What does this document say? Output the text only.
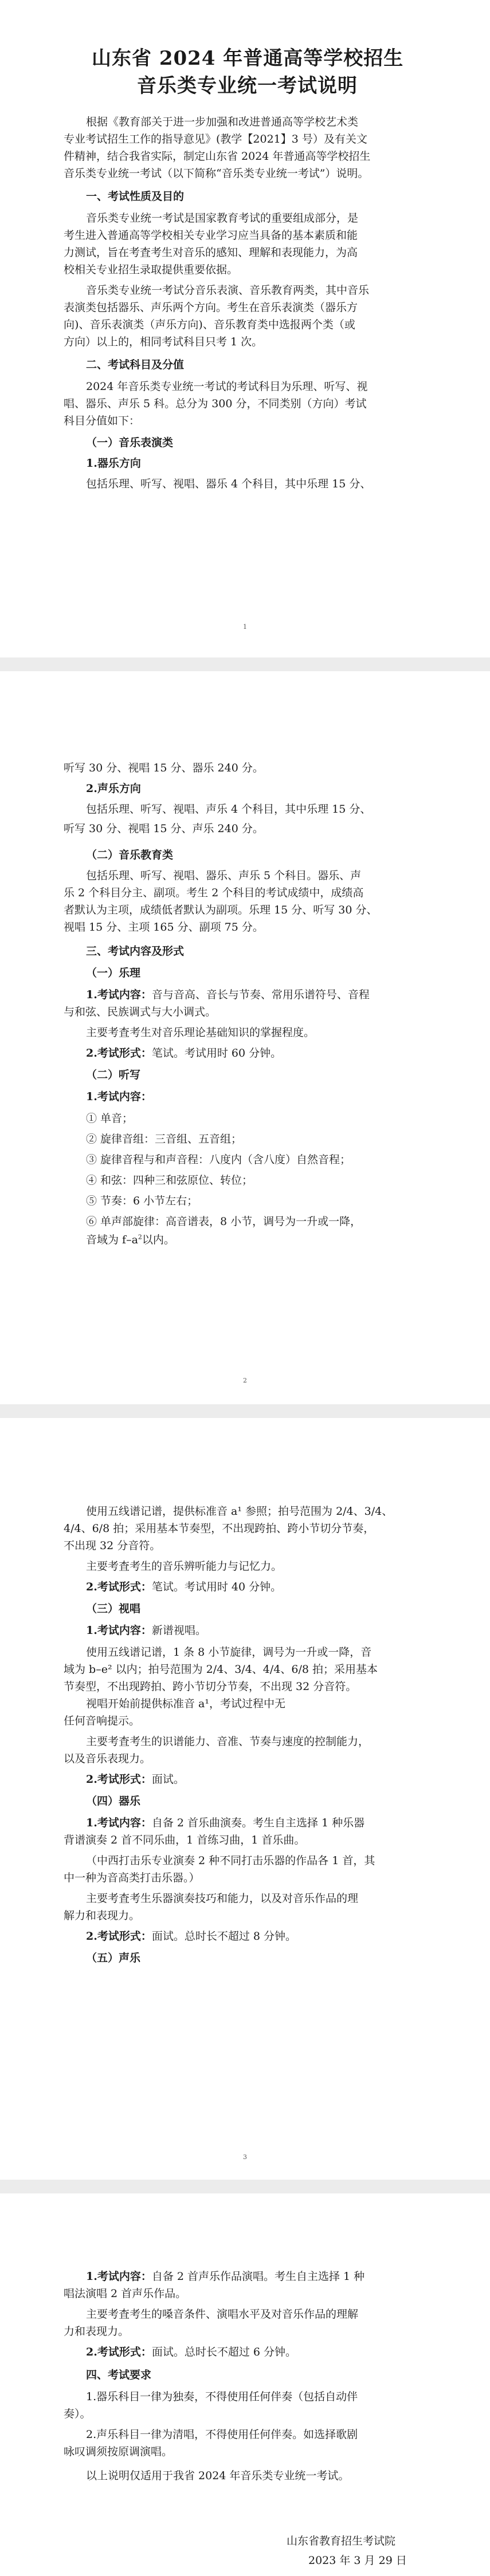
山东省 2024 年普通高等学校招生
音乐类专业统一考试说明
根据《教育部关于进一步加强和改进普通高等学校艺术类
专业考试招生工作的指导意见》(教学【2021】3 号）及有关文
件精神，结合我省实际，制定山东省 2024 年普通高等学校招生
音乐类专业统一考试（以下简称“音乐类专业统一考试”）说明。
一、考试性质及目的
音乐类专业统一考试是国家教育考试的重要组成部分，是
考生进入普通高等学校相关专业学习应当具备的基本素质和能
力测试，旨在考査考生对音乐的感知、理解和表现能力，为高
校相关专业招生录取提供重要依据。
音乐类专业统一考试分音乐表演、音乐教育两类，其中音乐
表演类包括器乐、声乐两个方向。考生在音乐表演类（器乐方
向)、音乐表演类（声乐方向)、音乐教育类中选报两个类（或
方向）以上的，相同考试科目只考 1 次。
二、考试科目及分值
2024 年音乐类专业统一考试的考试科目为乐理、听写、视
唱、器乐、声乐 5 科。总分为 300 分，不同类别（方向）考试
科目分值如下：
（一）音乐表演类
1.器乐方向
包括乐理、听写、视唱、器乐 4 个科目，其中乐理 15 分、
1
听写 30 分、视唱 15 分、器乐 240 分。
2.声乐方向
包括乐理、听写、视唱、声乐 4 个科目，其中乐理 15 分、
听写 30 分、视唱 15 分、声乐 240 分。
（二）音乐教育类
包括乐理、听写、视唱、器乐、声乐 5 个科目。器乐、声
乐 2 个科目分主、副项。考生 2 个科目的考试成绩中，成绩高
者默认为主项，成绩低者默认为副项。乐理 15 分、听写 30 分、
视唱 15 分、主项 165 分、副项 75 分。
三、考试内容及形式
（一）乐理
1.考试内容：音与音高、音长与节奏、常用乐谱符号、音程
与和弦、民族调式与大小调式。
主要考査考生对音乐理论基础知识的掌握程度。
2.考试形式：笔试。考试用时 60 分钟。
（二）听写
1.考试内容：
① 单音；
② 旋律音组：三音组、五音组；
③ 旋律音程与和声音程：八度内（含八度）自然音程；
④ 和弦：四种三和弦原位、转位；
⑤ 节奏：6 小节左右；
⑥ 单声部旋律：高音谱表，8 小节，调号为一升或一降，
音域为 $f-a^2$以内。
2
使用五线谱记谱，提供标准音 a¹ 参照；拍号范围为 2/4、3/4、
4/4、6/8 拍；采用基本节奏型，不出现跨拍、跨小节切分节奏，
不出现 32 分音符。
主要考査考生的音乐辨听能力与记忆力。
2.考试形式：笔试。考试用时 40 分钟。
（三）视唱
1.考试内容：新谱视唱。
使用五线谱记谱，1 条 8 小节旋律，调号为一升或一降，音
域为 b–e² 以内；拍号范围为 2/4、3/4、4/4、6/8 拍；采用基本
节奏型，不出现跨拍、跨小节切分节奏，不出现 32 分音符。
视唱开始前提供标准音 a¹，考试过程中无
任何音响提示。
主要考査考生的识谱能力、音准、节奏与速度的控制能力，
以及音乐表现力。
2.考试形式：面试。
（四）器乐
1.考试内容：自备 2 首乐曲演奏。考生自主选择 1 种乐器
背谱演奏 2 首不同乐曲，1 首练习曲，1 首乐曲。
（中西打击乐专业演奏 2 种不同打击乐器的作品各 1 首，其
中一种为音高类打击乐器。）
主要考査考生乐器演奏技巧和能力，以及对音乐作品的理
解力和表现力。
2.考试形式：面试。总时长不超过 8 分钟。
（五）声乐
3
1.考试内容：自备 2 首声乐作品演唱。考生自主选择 1 种
唱法演唱 2 首声乐作品。
主要考査考生的嗓音条件、演唱水平及对音乐作品的理解
力和表现力。
2.考试形式：面试。总时长不超过 6 分钟。
四、考试要求
1.器乐科目一律为独奏，不得使用任何伴奏（包括自动伴
奏）。
2.声乐科目一律为清唱，不得使用任何伴奏。如选择歌剧
咏叹调须按原调演唱。
以上说明仅适用于我省 2024 年音乐类专业统一考试。
山东省教育招生考试院
2023 年 3 月 29 日
